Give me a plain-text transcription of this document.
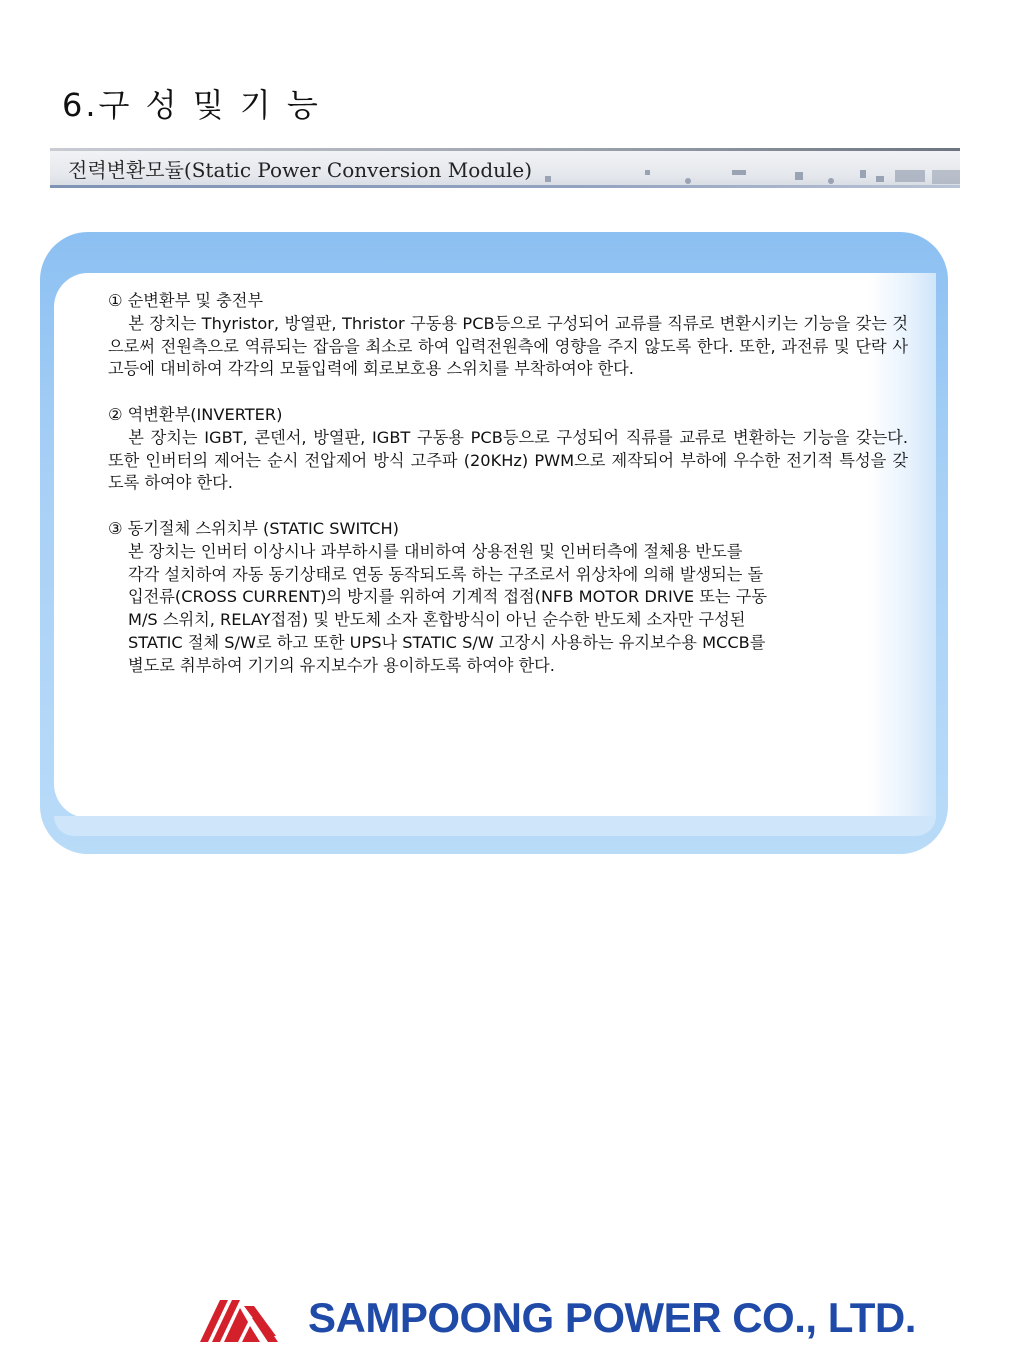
6.구 성 및 기 능
전력변환모듈(Static Power Conversion Module)
① 순변환부 및 충전부
본 장치는 Thyristor, 방열판, Thristor 구동용 PCB등으로 구성되어 교류를 직류로 변환시키는 기능을 갖는 것 으로써 전원측으로 역류되는 잡음을 최소로 하여 입력전원측에 영향을 주지 않도록 한다. 또한, 과전류 및 단락 사고등에 대비하여 각각의 모듈입력에 회로보호용 스위치를 부착하여야 한다.
② 역변환부(INVERTER)
본 장치는 IGBT, 콘덴서, 방열판, IGBT 구동용 PCB등으로 구성되어 직류를 교류로 변환하는 기능을 갖는다. 또한 인버터의 제어는 순시 전압제어 방식 고주파 (20KHz) PWM으로 제작되어 부하에 우수한 전기적 특성을 갖도록 하여야 한다.
③ 동기절체 스위치부 (STATIC SWITCH)
본 장치는 인버터 이상시나 과부하시를 대비하여 상용전원 및 인버터측에 절체용 반도를
각각 설치하여 자동 동기상태로 연동 동작되도록 하는 구조로서 위상차에 의해 발생되는 돌
입전류(CROSS CURRENT)의 방지를 위하여 기계적 접점(NFB MOTOR DRIVE 또는 구동
M/S 스위치, RELAY접점) 및 반도체 소자 혼합방식이 아닌 순수한 반도체 소자만 구성된
STATIC 절체 S/W로 하고 또한 UPS나 STATIC S/W 고장시 사용하는 유지보수용 MCCB를
별도로 취부하여 기기의 유지보수가 용이하도록 하여야 한다.
SAMPOONG POWER CO., LTD.
